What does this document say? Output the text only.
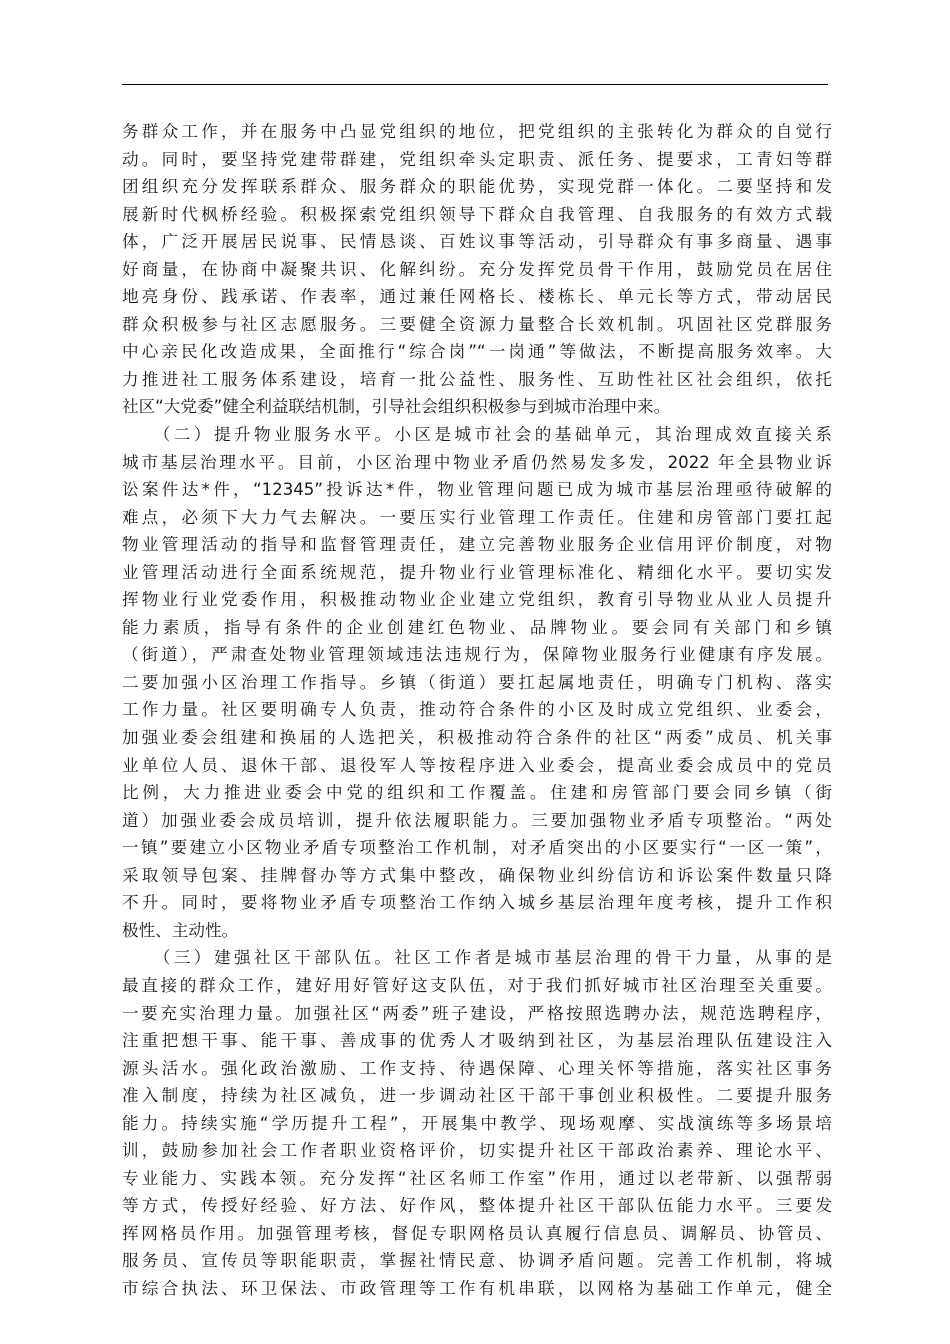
务群众工作，并在服务中凸显党组织的地位，把党组织的主张转化为群众的自觉行
动。同时，要坚持党建带群建，党组织牵头定职责、派任务、提要求，工青妇等群
团组织充分发挥联系群众、服务群众的职能优势，实现党群一体化。二要坚持和发
展新时代枫桥经验。积极探索党组织领导下群众自我管理、自我服务的有效方式载
体，广泛开展居民说事、民情恳谈、百姓议事等活动，引导群众有事多商量、遇事
好商量，在协商中凝聚共识、化解纠纷。充分发挥党员骨干作用，鼓励党员在居住
地亮身份、践承诺、作表率，通过兼任网格长、楼栋长、单元长等方式，带动居民
群众积极参与社区志愿服务。三要健全资源力量整合长效机制。巩固社区党群服务
中心亲民化改造成果，全面推行“综合岗”“一岗通”等做法，不断提高服务效率。大
力推进社工服务体系建设，培育一批公益性、服务性、互助性社区社会组织，依托
社区“大党委”健全利益联结机制，引导社会组织积极参与到城市治理中来。
　　（二）提升物业服务水平。小区是城市社会的基础单元，其治理成效直接关系
城市基层治理水平。目前，小区治理中物业矛盾仍然易发多发，2022 年全县物业诉
讼案件达*件，“12345”投诉达*件，物业管理问题已成为城市基层治理亟待破解的
难点，必须下大力气去解决。一要压实行业管理工作责任。住建和房管部门要扛起
物业管理活动的指导和监督管理责任，建立完善物业服务企业信用评价制度，对物
业管理活动进行全面系统规范，提升物业行业管理标准化、精细化水平。要切实发
挥物业行业党委作用，积极推动物业企业建立党组织，教育引导物业从业人员提升
能力素质，指导有条件的企业创建红色物业、品牌物业。要会同有关部门和乡镇
（街道），严肃查处物业管理领域违法违规行为，保障物业服务行业健康有序发展。
二要加强小区治理工作指导。乡镇（街道）要扛起属地责任，明确专门机构、落实
工作力量。社区要明确专人负责，推动符合条件的小区及时成立党组织、业委会，
加强业委会组建和换届的人选把关，积极推动符合条件的社区“两委”成员、机关事
业单位人员、退休干部、退役军人等按程序进入业委会，提高业委会成员中的党员
比例，大力推进业委会中党的组织和工作覆盖。住建和房管部门要会同乡镇（街
道）加强业委会成员培训，提升依法履职能力。三要加强物业矛盾专项整治。“两处
一镇”要建立小区物业矛盾专项整治工作机制，对矛盾突出的小区要实行“一区一策”，
采取领导包案、挂牌督办等方式集中整改，确保物业纠纷信访和诉讼案件数量只降
不升。同时，要将物业矛盾专项整治工作纳入城乡基层治理年度考核，提升工作积
极性、主动性。
　　（三）建强社区干部队伍。社区工作者是城市基层治理的骨干力量，从事的是
最直接的群众工作，建好用好管好这支队伍，对于我们抓好城市社区治理至关重要。
一要充实治理力量。加强社区“两委”班子建设，严格按照选聘办法，规范选聘程序，
注重把想干事、能干事、善成事的优秀人才吸纳到社区，为基层治理队伍建设注入
源头活水。强化政治激励、工作支持、待遇保障、心理关怀等措施，落实社区事务
准入制度，持续为社区减负，进一步调动社区干部干事创业积极性。二要提升服务
能力。持续实施“学历提升工程”，开展集中教学、现场观摩、实战演练等多场景培
训，鼓励参加社会工作者职业资格评价，切实提升社区干部政治素养、理论水平、
专业能力、实践本领。充分发挥“社区名师工作室”作用，通过以老带新、以强帮弱
等方式，传授好经验、好方法、好作风，整体提升社区干部队伍能力水平。三要发
挥网格员作用。加强管理考核，督促专职网格员认真履行信息员、调解员、协管员、
服务员、宣传员等职能职责，掌握社情民意、协调矛盾问题。完善工作机制，将城
市综合执法、环卫保法、市政管理等工作有机串联，以网格为基础工作单元，健全
